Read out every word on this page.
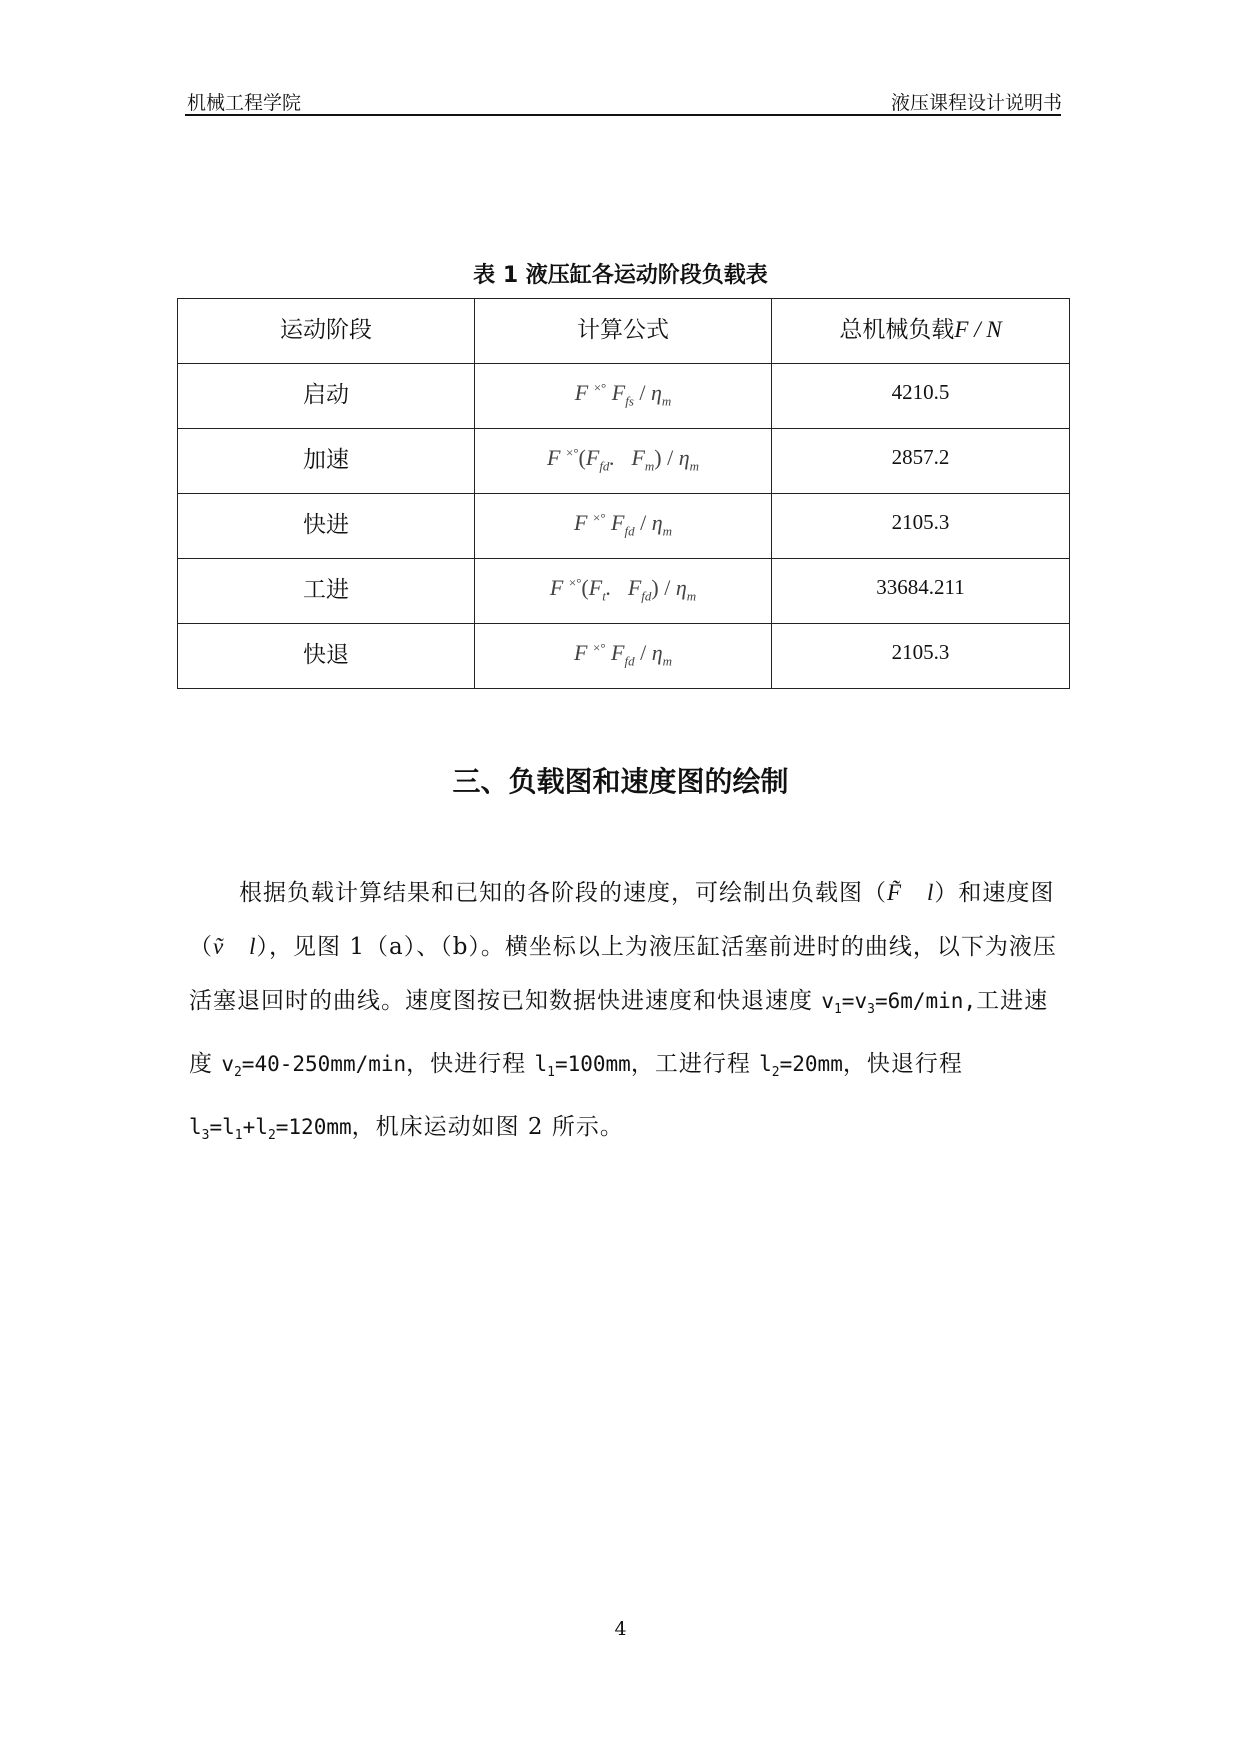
机械工程学院	液压课程设计说明书
表 1 液压缸各运动阶段负载表
运动阶段	计算公式	总机械负载F / N

启动	F ×° $F_{fs} / \eta_m$	4210.5

加速	F $^{\times^\circ}(F_{fd}$.   $F_m) / \eta_m$	2857.2

快进	F ×° $F_{fd} / \eta_m$	2105.3

工进	F $^{\times^\circ}(F_t$.   $F_{fd}) / \eta_m$	33684.211

快退	F ×° $F_{fd} / \eta_m$	2105.3
三、负载图和速度图的绘制

根据负载计算结果和已知的各阶段的速度，可绘制出负载图（F̃ l）和速度图（ṽ l），见图 1（a）、（b）。横坐标以上为液压缸活塞前进时的曲线，以下为液压活塞退回时的曲线。速度图按已知数据快进速度和快退速度 $v_1=v_3=6m/\min$,工进速度 $v_2=40-250mm/\min$，快进行程 $l_1=100mm$，工进行程 $l_2=20mm$，快退行程 $l_3=l_1+l_2=120mm$，机床运动如图 2 所示。

4
